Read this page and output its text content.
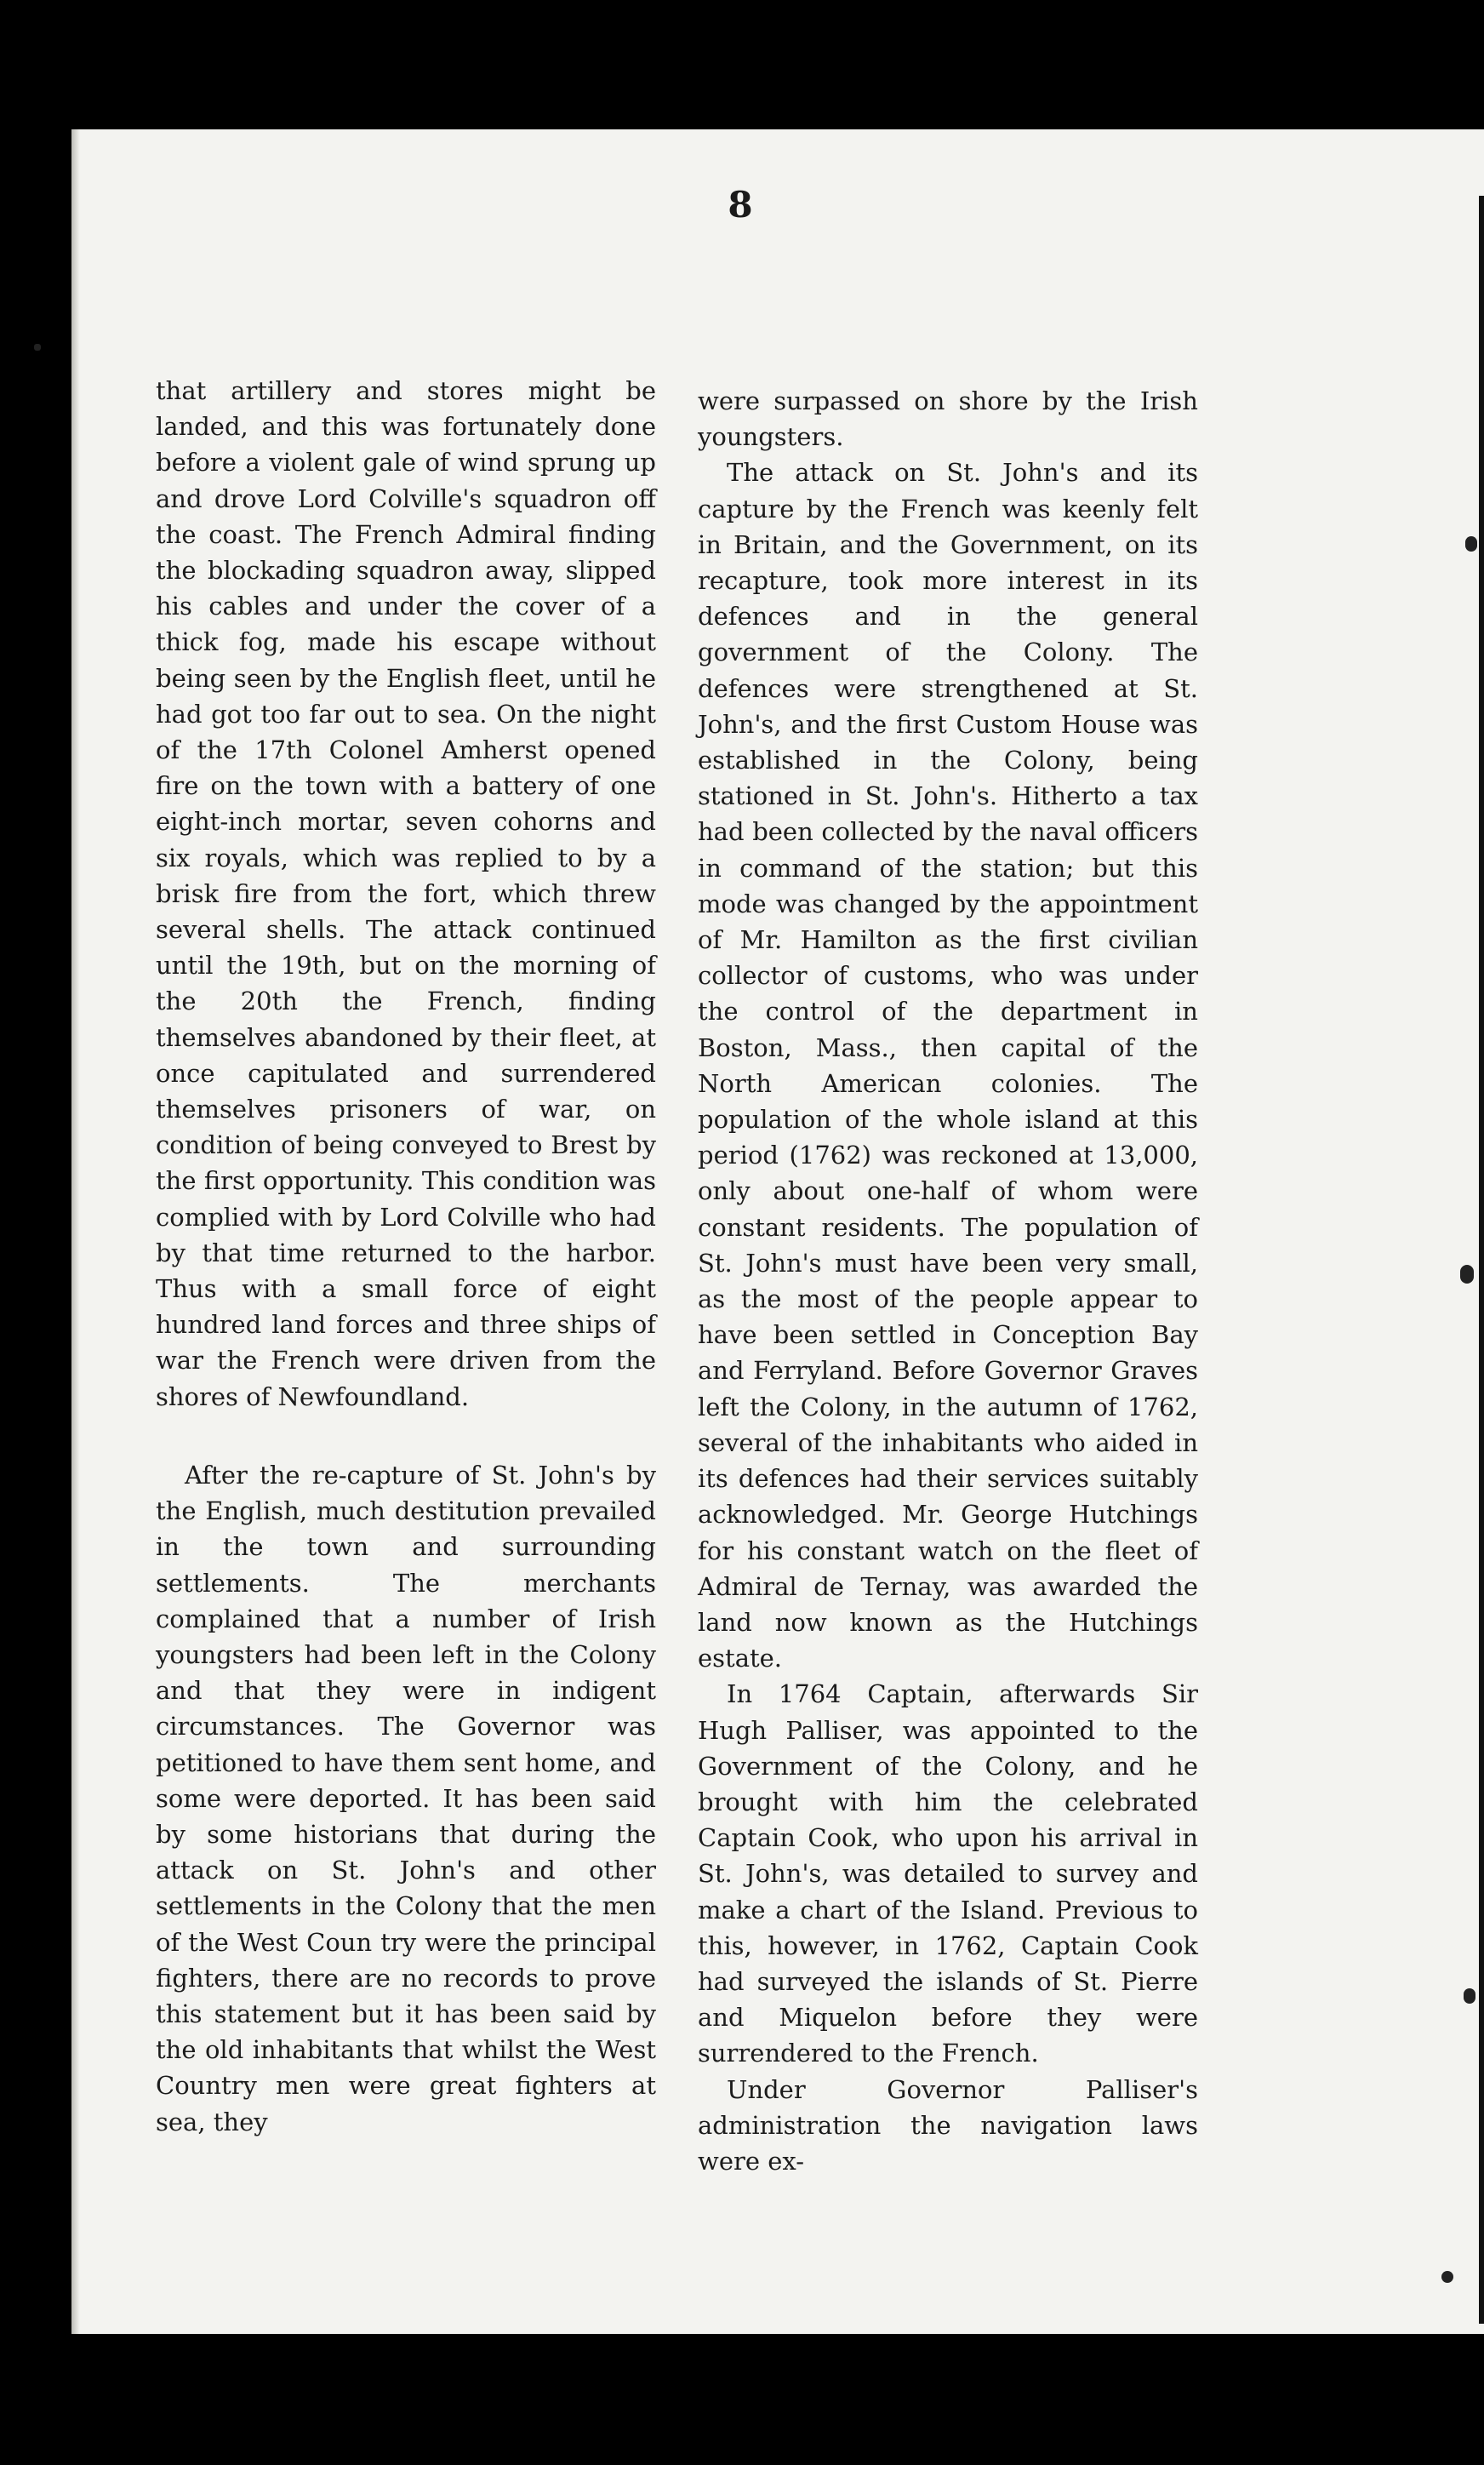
8

that artillery and stores might be landed, and this was fortunately done before a violent gale of wind sprung up and drove Lord Colville's squadron off the coast. The French Admiral finding the blockading squadron away, slipped his cables and under the cover of a thick fog, made his escape without being seen by the English fleet, until he had got too far out to sea. On the night of the 17th Colonel Amherst opened fire on the town with a battery of one eight-inch mortar, seven cohorns and six royals, which was replied to by a brisk fire from the fort, which threw several shells. The attack continued until the 19th, but on the morning of the 20th the French, finding themselves abandoned by their fleet, at once capitulated and surrendered themselves prisoners of war, on condition of being conveyed to Brest by the first opportunity. This condition was complied with by Lord Colville who had by that time returned to the harbor. Thus with a small force of eight hundred land forces and three ships of war the French were driven from the shores of Newfoundland.

After the re-capture of St. John's by the English, much destitution prevailed in the town and surrounding settlements. The merchants complained that a number of Irish youngsters had been left in the Colony and that they were in indigent circumstances. The Governor was petitioned to have them sent home, and some were deported. It has been said by some historians that during the attack on St. John's and other settlements in the Colony that the men of the West Coun try were the principal fighters, there are no records to prove this statement but it has been said by the old inhabitants that whilst the West Country men were great fighters at sea, they

were surpassed on shore by the Irish youngsters.

The attack on St. John's and its capture by the French was keenly felt in Britain, and the Government, on its recapture, took more interest in its defences and in the general government of the Colony. The defences were strengthened at St. John's, and the first Custom House was established in the Colony, being stationed in St. John's. Hitherto a tax had been collected by the naval officers in command of the station; but this mode was changed by the appointment of Mr. Hamilton as the first civilian collector of customs, who was under the control of the department in Boston, Mass., then capital of the North American colonies. The population of the whole island at this period (1762) was reckoned at 13,000, only about one-half of whom were constant residents. The population of St. John's must have been very small, as the most of the people appear to have been settled in Conception Bay and Ferryland. Before Governor Graves left the Colony, in the autumn of 1762, several of the inhabitants who aided in its defences had their services suitably acknowledged. Mr. George Hutchings for his constant watch on the fleet of Admiral de Ternay, was awarded the land now known as the Hutchings estate.

In 1764 Captain, afterwards Sir Hugh Palliser, was appointed to the Government of the Colony, and he brought with him the celebrated Captain Cook, who upon his arrival in St. John's, was detailed to survey and make a chart of the Island. Previous to this, however, in 1762, Captain Cook had surveyed the islands of St. Pierre and Miquelon before they were surrendered to the French.

Under Governor Palliser's administration the navigation laws were ex-
